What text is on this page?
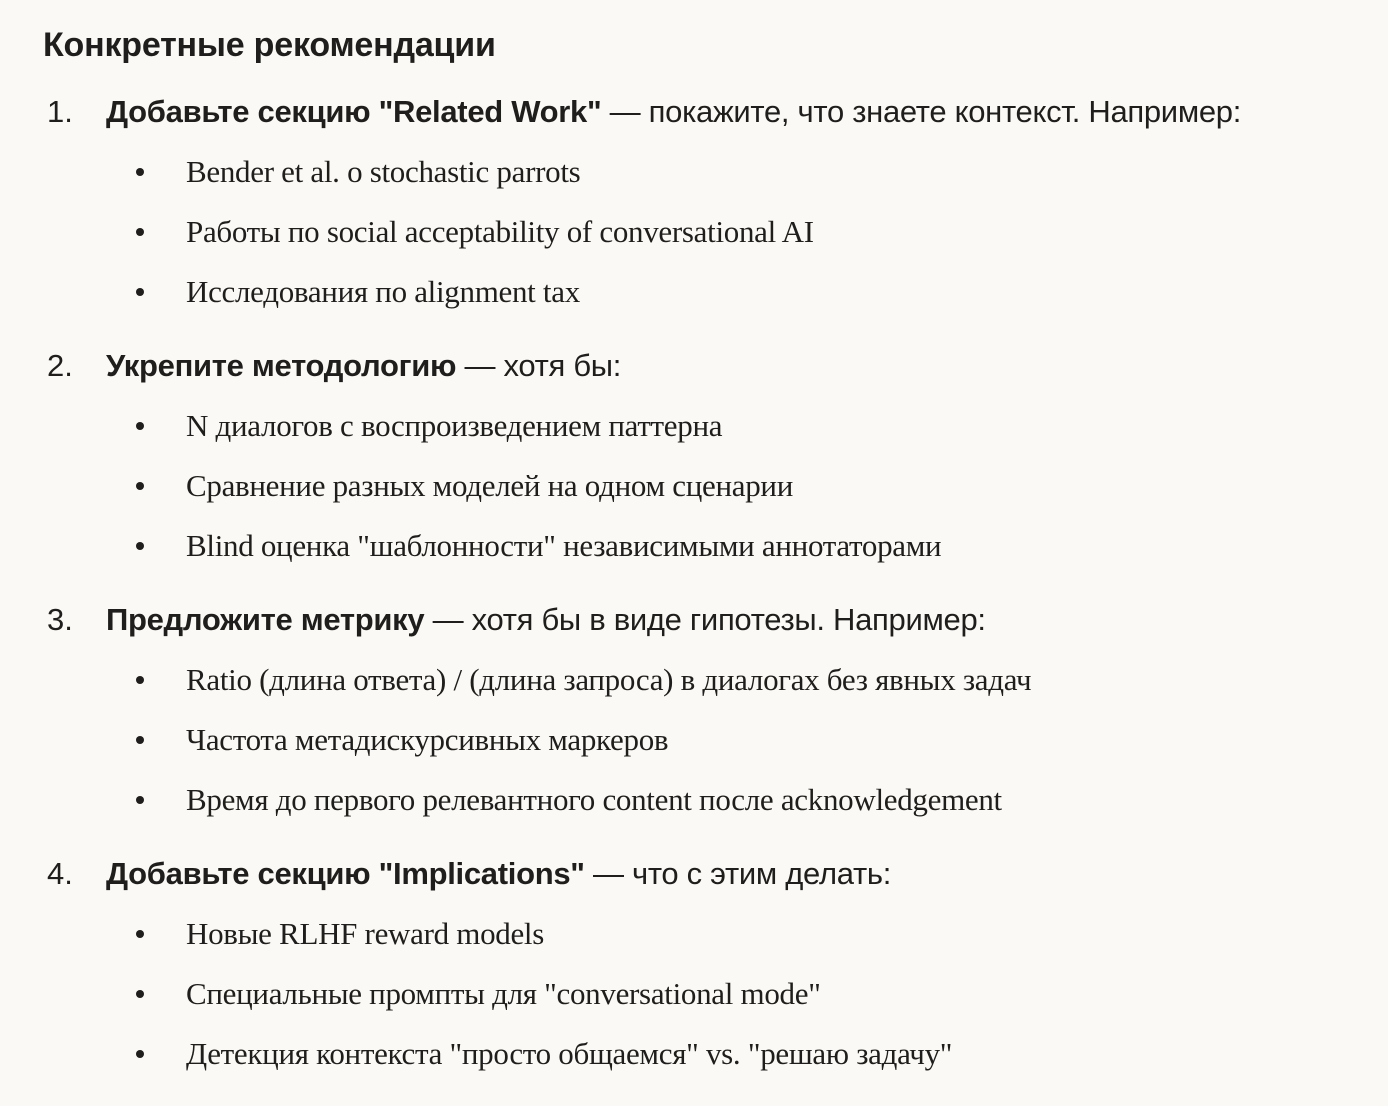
Конкретные рекомендации
1. Добавьте секцию "Related Work" — покажите, что знаете контекст. Например:
Bender et al. о stochastic parrots
Работы по social acceptability of conversational AI
Исследования по alignment tax
2. Укрепите методологию — хотя бы:
N диалогов с воспроизведением паттерна
Сравнение разных моделей на одном сценарии
Blind оценка "шаблонности" независимыми аннотаторами
3. Предложите метрику — хотя бы в виде гипотезы. Например:
Ratio (длина ответа) / (длина запроса) в диалогах без явных задач
Частота метадискурсивных маркеров
Время до первого релевантного content после acknowledgement
4. Добавьте секцию "Implications" — что с этим делать:
Новые RLHF reward models
Специальные промпты для "conversational mode"
Детекция контекста "просто общаемся" vs. "решаю задачу"
